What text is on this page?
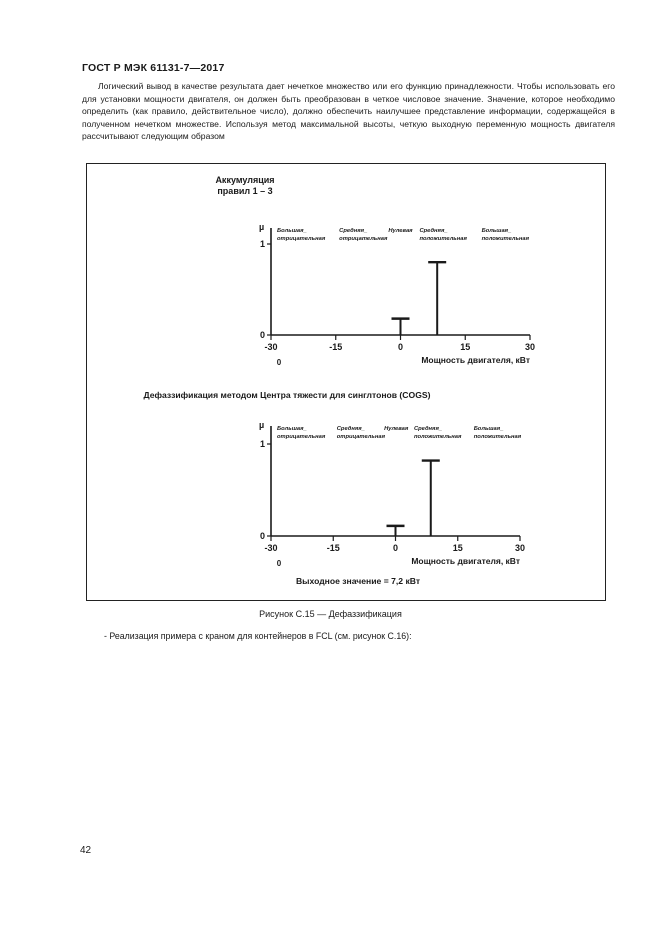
ГОСТ Р МЭК 61131-7—2017

Логический вывод в качестве результата дает нечеткое множество или его функцию принадлежности. Чтобы использовать его для установки мощности двигателя, он должен быть преобразован в четкое числовое значение. Значение, которое необходимо определить (как правило, действительное число), должно обеспечить наилучшее представление информации, содержащейся в полученном нечетком множестве. Используя метод максимальной высоты, четкую выходную переменную мощность двигателя рассчитывают следующим образом

Аккумуляция
правил 1 – 3
µ
0
1
-30	-15	0	15	30
0	Мощность двигателя, кВт
Большая_
отрицательная
Средняя_
отрицательная
Нулевая Средняя_
положительная
Большая_
положительная
Дефаззификация методом Центра тяжести для синглтонов (COGS)
µ
0
1
-30	-15	0	15	30
0	Мощность двигателя, кВт
Большая_
отрицательная
Средняя_
отрицательная
Нулевая Средняя_
положительная
Большая_
положительная
Выходное значение = 7,2 кВт
Рисунок С.15 — Дефаззификация
- Реализация примера с краном для контейнеров в FCL (см. рисунок С.16):
42
